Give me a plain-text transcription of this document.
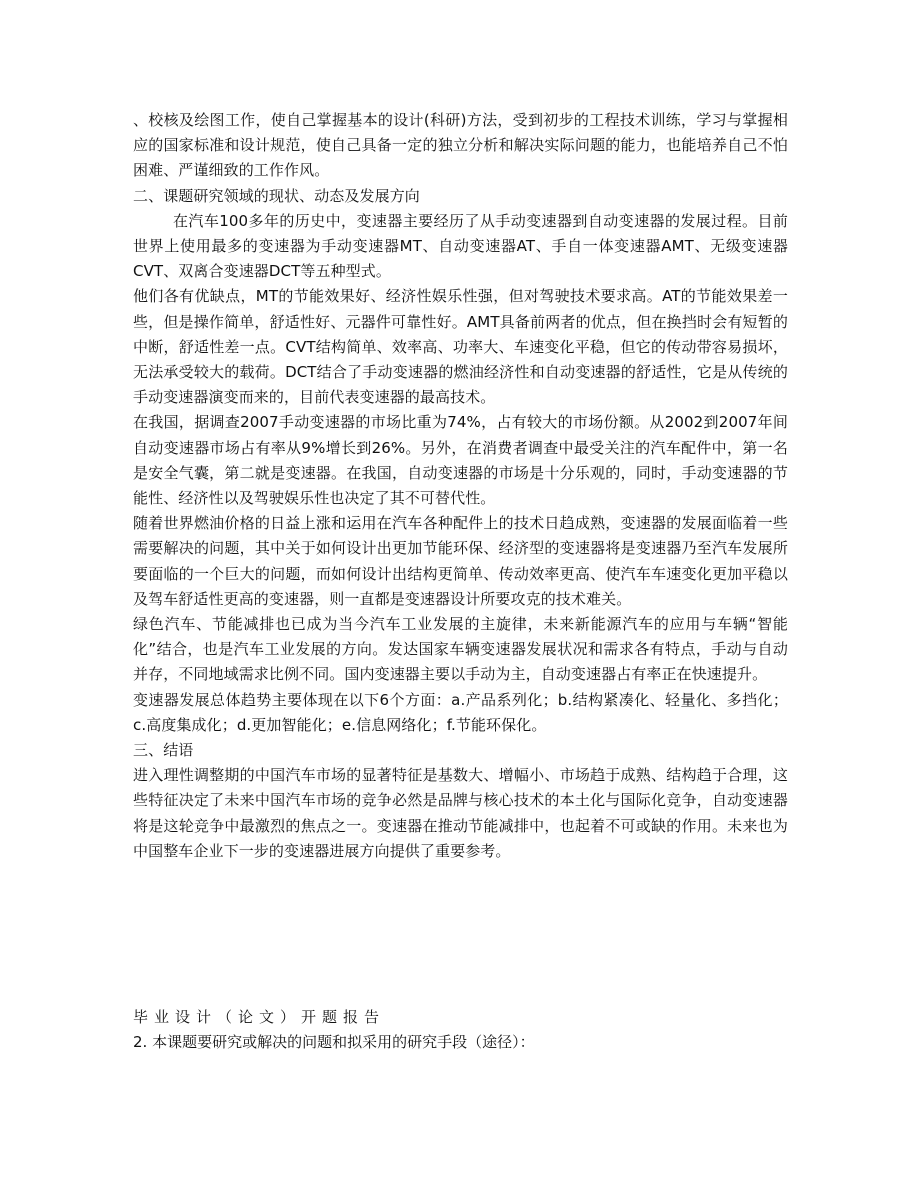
、校核及绘图工作，使自己掌握基本的设计(科研)方法，受到初步的工程技术训练，学习与掌握相应的国家标准和设计规范，使自己具备一定的独立分析和解决实际问题的能力，也能培养自己不怕困难、严谨细致的工作作风。

二、课题研究领域的现状、动态及发展方向

在汽车100多年的历史中，变速器主要经历了从手动变速器到自动变速器的发展过程。目前世界上使用最多的变速器为手动变速器MT、自动变速器AT、手自一体变速器AMT、无级变速器CVT、双离合变速器DCT等五种型式。

他们各有优缺点，MT的节能效果好、经济性娱乐性强，但对驾驶技术要求高。AT的节能效果差一些，但是操作简单，舒适性好、元器件可靠性好。AMT具备前两者的优点，但在换挡时会有短暂的中断，舒适性差一点。CVT结构简单、效率高、功率大、车速变化平稳，但它的传动带容易损坏，无法承受较大的载荷。DCT结合了手动变速器的燃油经济性和自动变速器的舒适性，它是从传统的手动变速器演变而来的，目前代表变速器的最高技术。

在我国，据调查2007手动变速器的市场比重为74%，占有较大的市场份额。从2002到2007年间自动变速器市场占有率从9%增长到26%。另外，在消费者调查中最受关注的汽车配件中，第一名是安全气囊，第二就是变速器。在我国，自动变速器的市场是十分乐观的，同时，手动变速器的节能性、经济性以及驾驶娱乐性也决定了其不可替代性。

随着世界燃油价格的日益上涨和运用在汽车各种配件上的技术日趋成熟，变速器的发展面临着一些需要解决的问题，其中关于如何设计出更加节能环保、经济型的变速器将是变速器乃至汽车发展所要面临的一个巨大的问题，而如何设计出结构更简单、传动效率更高、使汽车车速变化更加平稳以及驾车舒适性更高的变速器，则一直都是变速器设计所要攻克的技术难关。

绿色汽车、节能减排也已成为当今汽车工业发展的主旋律，未来新能源汽车的应用与车辆“智能化”结合，也是汽车工业发展的方向。发达国家车辆变速器发展状况和需求各有特点，手动与自动并存，不同地域需求比例不同。国内变速器主要以手动为主，自动变速器占有率正在快速提升。

变速器发展总体趋势主要体现在以下6个方面：a.产品系列化；b.结构紧凑化、轻量化、多挡化；c.高度集成化；d.更加智能化；e.信息网络化；f.节能环保化。

三、结语

进入理性调整期的中国汽车市场的显著特征是基数大、增幅小、市场趋于成熟、结构趋于合理，这些特征决定了未来中国汽车市场的竞争必然是品牌与核心技术的本土化与国际化竞争，自动变速器将是这轮竞争中最激烈的焦点之一。变速器在推动节能减排中，也起着不可或缺的作用。未来也为中国整车企业下一步的变速器进展方向提供了重要参考。

毕业设计（论文）开题报告

2. 本课题要研究或解决的问题和拟采用的研究手段（途径）：
